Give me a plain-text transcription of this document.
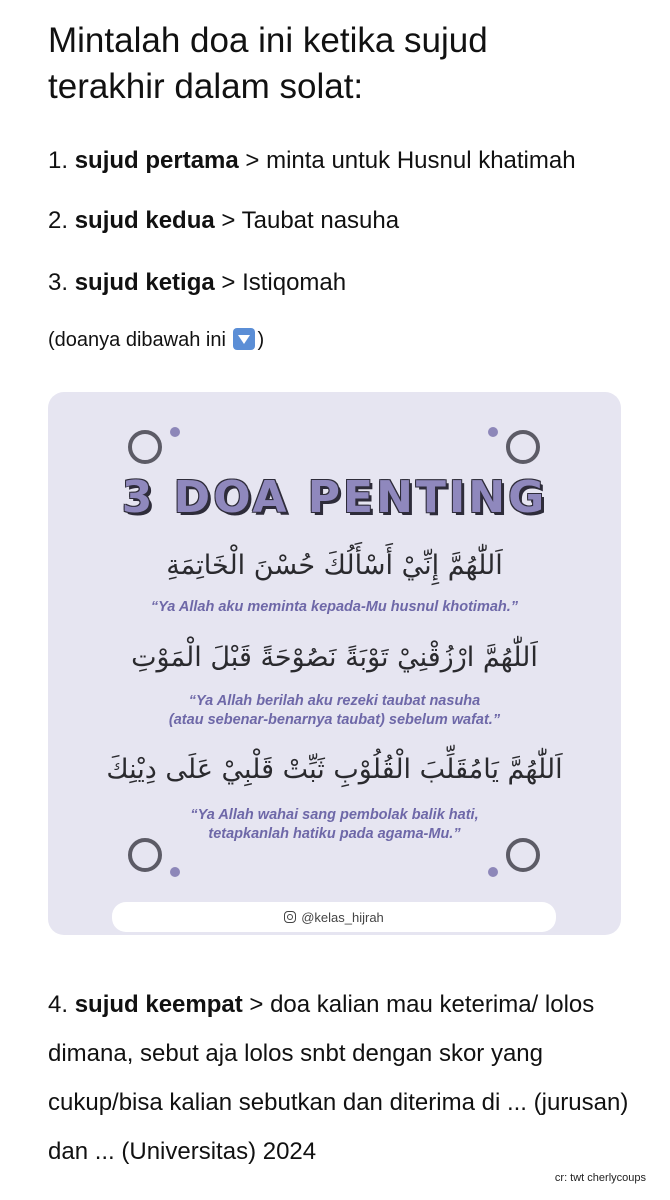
Mintalah doa ini ketika sujud
terakhir dalam solat:
1. sujud pertama > minta untuk Husnul khatimah
2. sujud kedua > Taubat nasuha
3. sujud ketiga > Istiqomah
(doanya dibawah ini )
3 DOA PENTING
اَللّٰهُمَّ إِنِّيْ أَسْأَلُكَ حُسْنَ الْخَاتِمَةِ
“Ya Allah aku meminta kepada-Mu husnul khotimah.”
اَللّٰهُمَّ ارْزُقْنِيْ تَوْبَةً نَصُوْحَةً قَبْلَ الْمَوْتِ
“Ya Allah berilah aku rezeki taubat nasuha
(atau sebenar-benarnya taubat) sebelum wafat.”
اَللّٰهُمَّ يَامُقَلِّبَ الْقُلُوْبِ ثَبِّتْ قَلْبِيْ عَلَى دِيْنِكَ
“Ya Allah wahai sang pembolak balik hati,
tetapkanlah hatiku pada agama-Mu.”
@kelas_hijrah
4. sujud keempat > doa kalian mau keterima/ lolos dimana, sebut aja lolos snbt dengan skor yang cukup/bisa kalian sebutkan dan diterima di ... (jurusan) dan ... (Universitas) 2024
cr: twt cherlycoups
